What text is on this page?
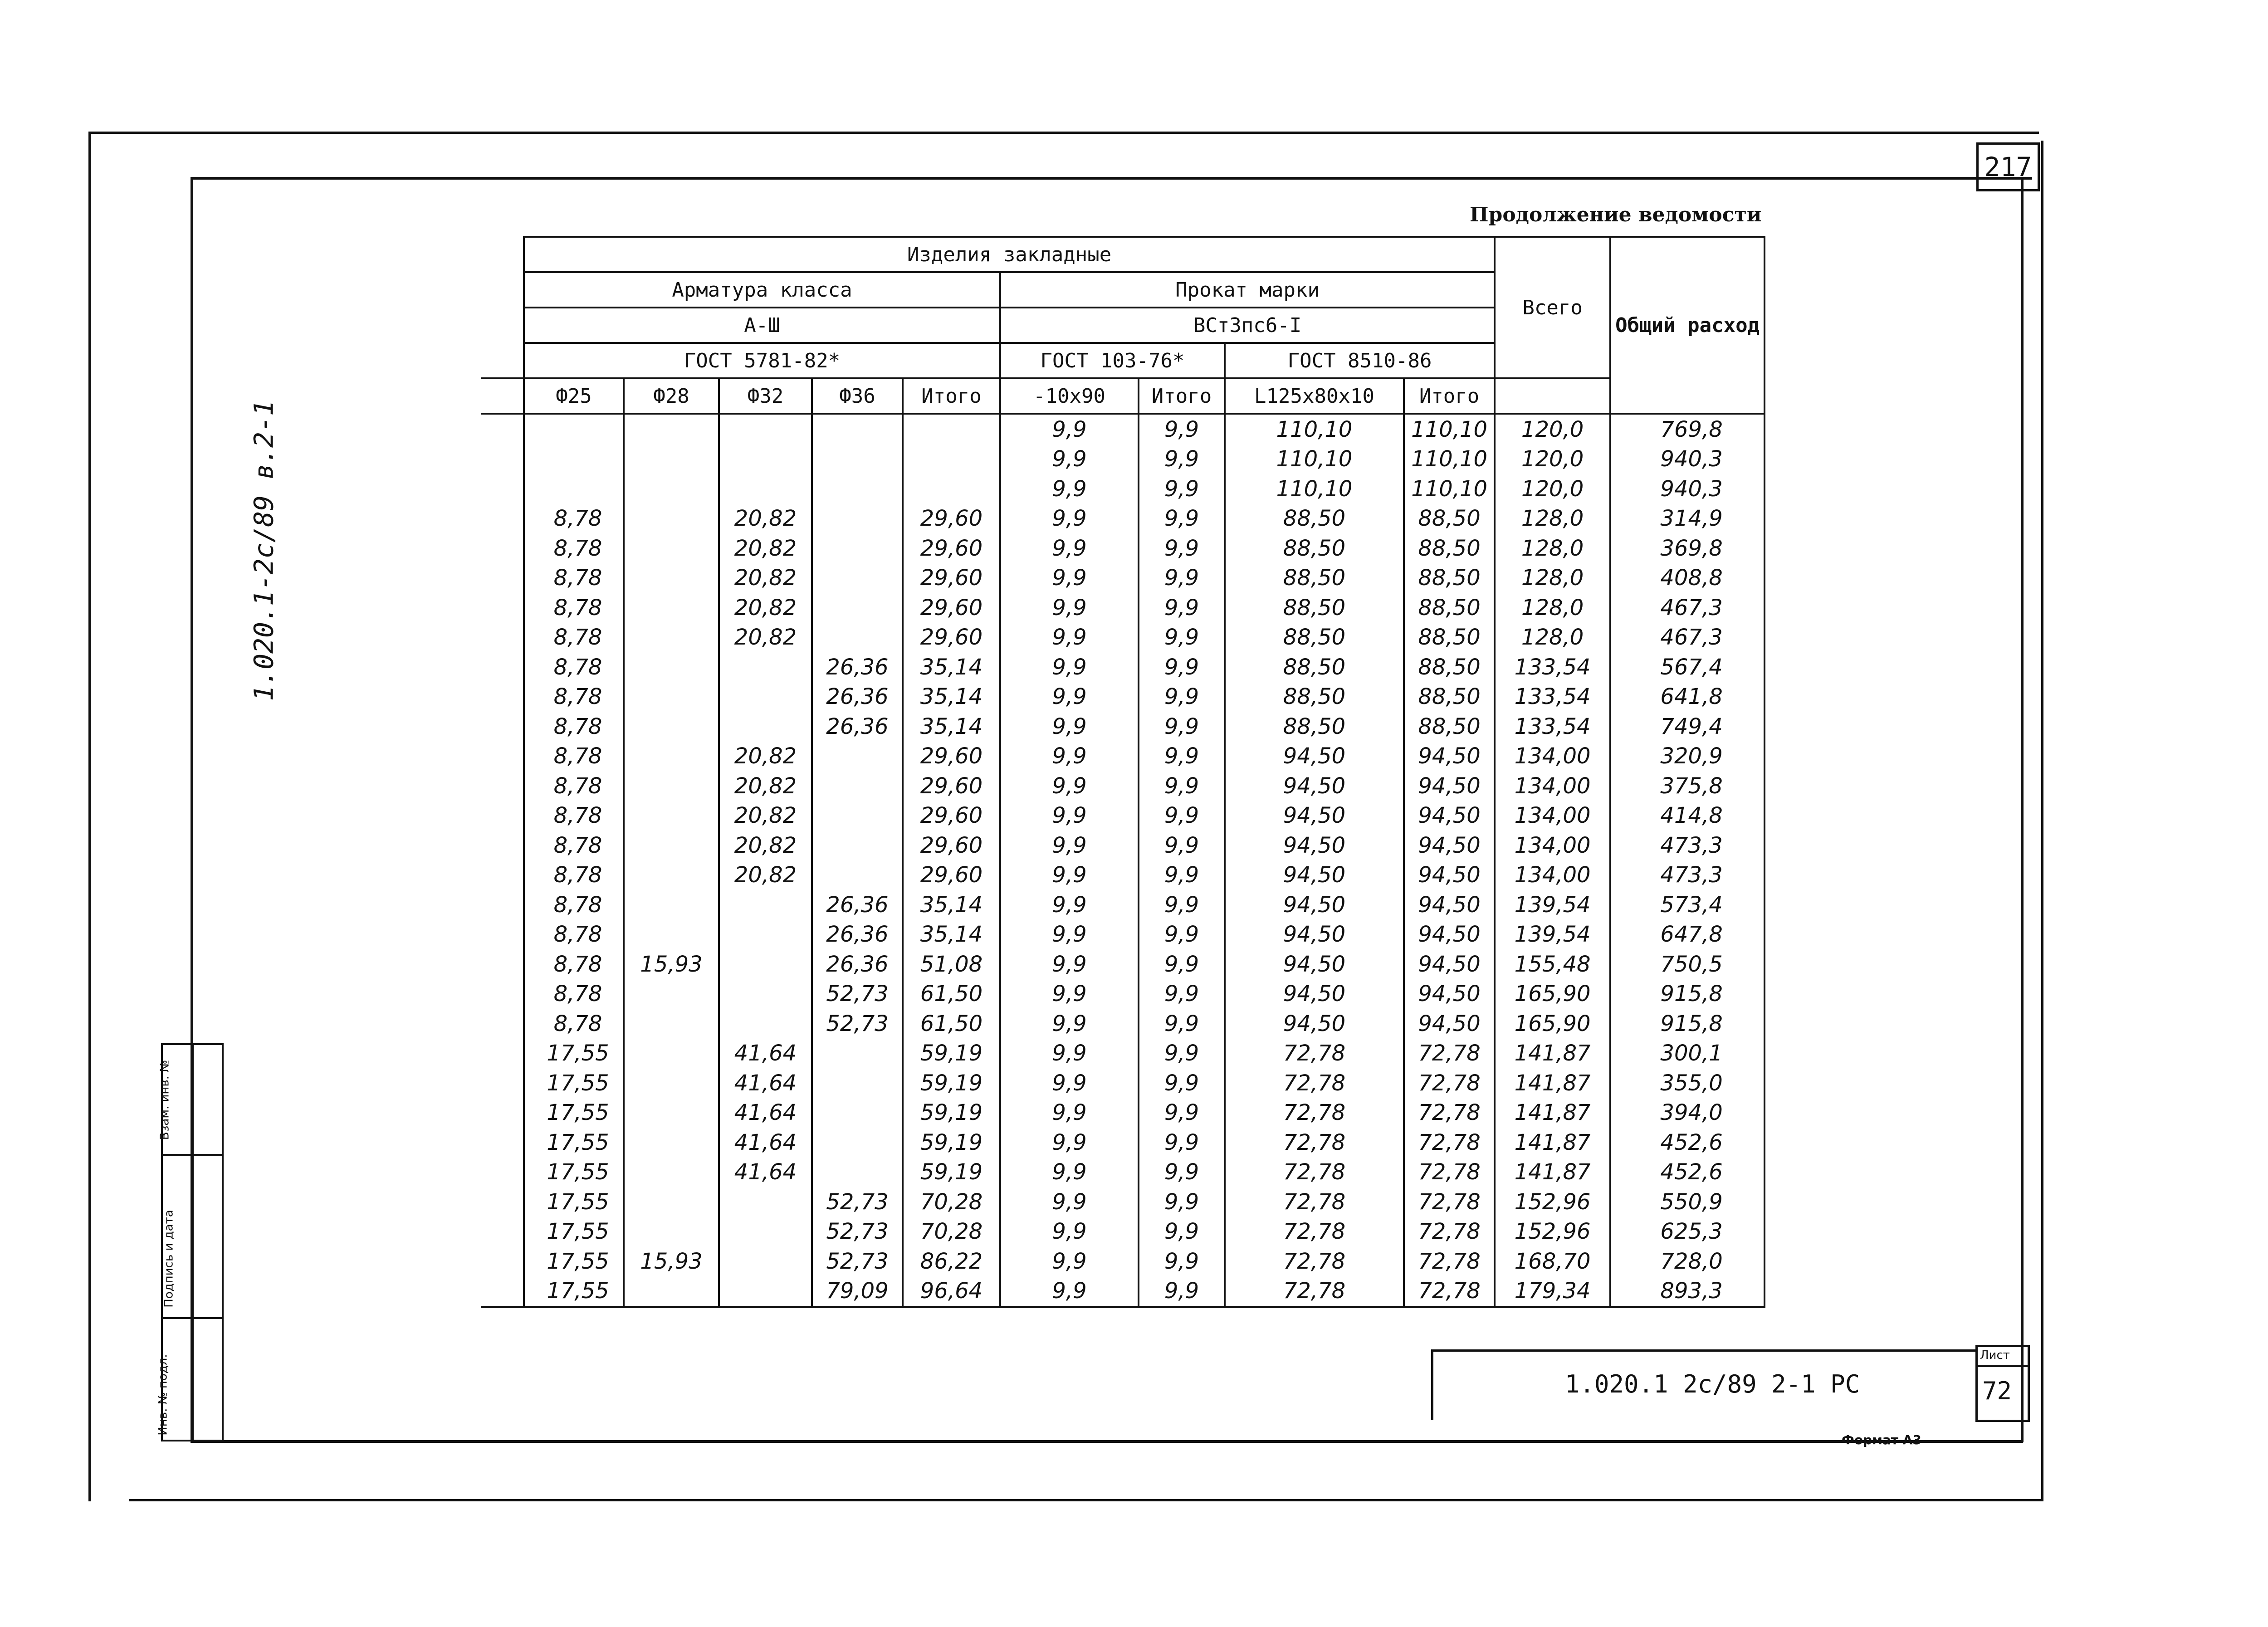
217
Продолжение ведомости
1.020.1-2с/89 в.2-1
Взам. инв. №
Подпись и дата
Инв. № подл.
	Изделия закладные									Всего	Общий расход
	Арматура класса					Прокат марки					
	А-Ш					ВСт3пс6-I					
	ГОСТ 5781-82*					ГОСТ 103-76*		ГОСТ 8510-86			
	Ф25	Ф28	Ф32	Ф36	Итого	-10х90	Итого	L125х80х10	Итого		
						9,9	9,9	110,10	110,10	120,0	769,8
						9,9	9,9	110,10	110,10	120,0	940,3
						9,9	9,9	110,10	110,10	120,0	940,3
	8,78		20,82		29,60	9,9	9,9	88,50	88,50	128,0	314,9
	8,78		20,82		29,60	9,9	9,9	88,50	88,50	128,0	369,8
	8,78		20,82		29,60	9,9	9,9	88,50	88,50	128,0	408,8
	8,78		20,82		29,60	9,9	9,9	88,50	88,50	128,0	467,3
	8,78		20,82		29,60	9,9	9,9	88,50	88,50	128,0	467,3
	8,78			26,36	35,14	9,9	9,9	88,50	88,50	133,54	567,4
	8,78			26,36	35,14	9,9	9,9	88,50	88,50	133,54	641,8
	8,78			26,36	35,14	9,9	9,9	88,50	88,50	133,54	749,4
	8,78		20,82		29,60	9,9	9,9	94,50	94,50	134,00	320,9
	8,78		20,82		29,60	9,9	9,9	94,50	94,50	134,00	375,8
	8,78		20,82		29,60	9,9	9,9	94,50	94,50	134,00	414,8
	8,78		20,82		29,60	9,9	9,9	94,50	94,50	134,00	473,3
	8,78		20,82		29,60	9,9	9,9	94,50	94,50	134,00	473,3
	8,78			26,36	35,14	9,9	9,9	94,50	94,50	139,54	573,4
	8,78			26,36	35,14	9,9	9,9	94,50	94,50	139,54	647,8
	8,78	15,93		26,36	51,08	9,9	9,9	94,50	94,50	155,48	750,5
	8,78			52,73	61,50	9,9	9,9	94,50	94,50	165,90	915,8
	8,78			52,73	61,50	9,9	9,9	94,50	94,50	165,90	915,8
	17,55		41,64		59,19	9,9	9,9	72,78	72,78	141,87	300,1
	17,55		41,64		59,19	9,9	9,9	72,78	72,78	141,87	355,0
	17,55		41,64		59,19	9,9	9,9	72,78	72,78	141,87	394,0
	17,55		41,64		59,19	9,9	9,9	72,78	72,78	141,87	452,6
	17,55		41,64		59,19	9,9	9,9	72,78	72,78	141,87	452,6
	17,55			52,73	70,28	9,9	9,9	72,78	72,78	152,96	550,9
	17,55			52,73	70,28	9,9	9,9	72,78	72,78	152,96	625,3
	17,55	15,93		52,73	86,22	9,9	9,9	72,78	72,78	168,70	728,0
	17,55			79,09	96,64	9,9	9,9	72,78	72,78	179,34	893,3
1.020.1 2с/89 2-1 РС
Лист
72
Формат А3
